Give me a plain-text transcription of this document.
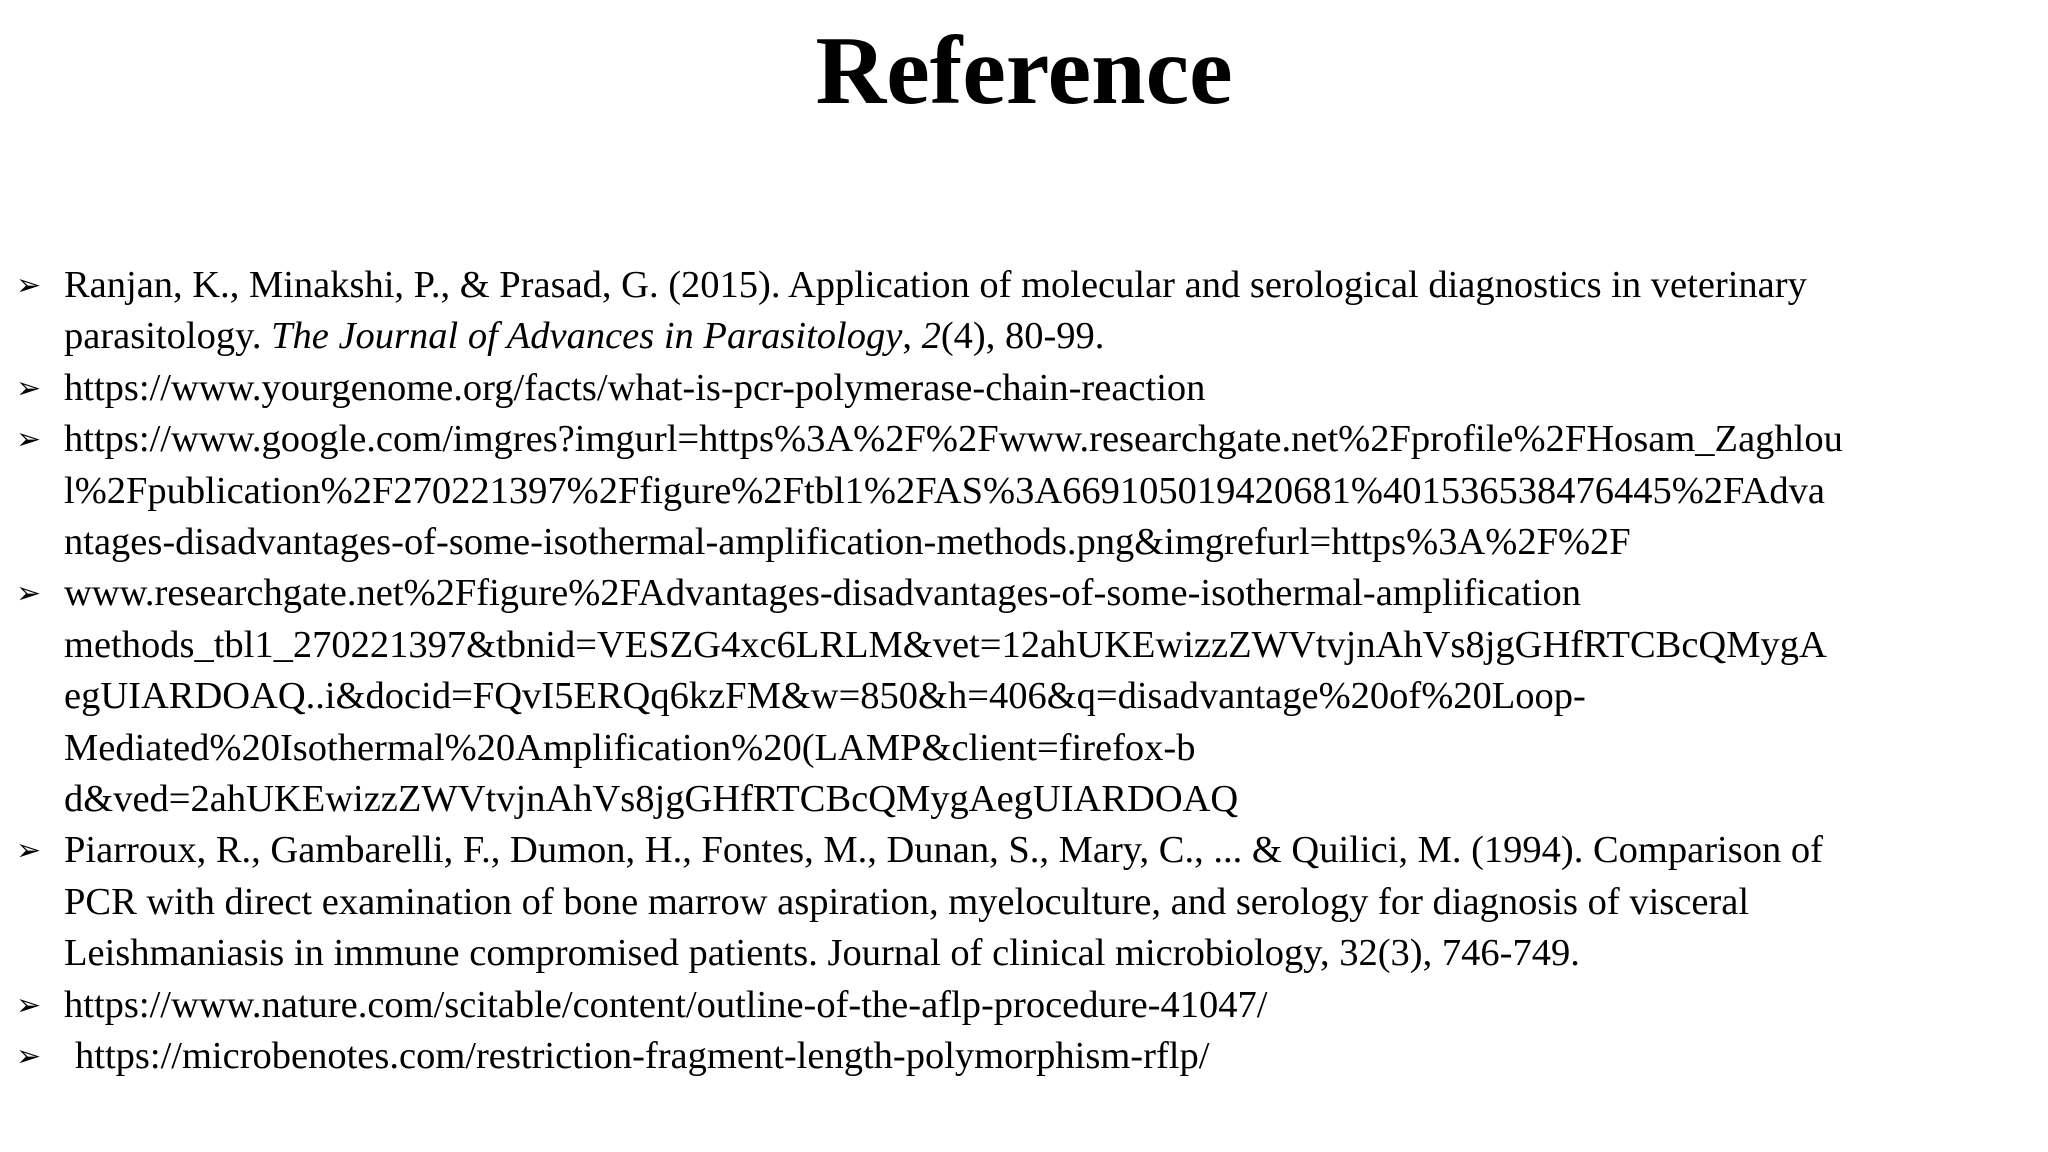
Reference
➢ Ranjan, K., Minakshi, P., & Prasad, G. (2015). Application of molecular and serological diagnostics in veterinary
parasitology. The Journal of Advances in Parasitology, 2(4), 80-99.
➢ https://www.yourgenome.org/facts/what-is-pcr-polymerase-chain-reaction
➢ https://www.google.com/imgres?imgurl=https%3A%2F%2Fwww.researchgate.net%2Fprofile%2FHosam_Zaghlou
l%2Fpublication%2F270221397%2Ffigure%2Ftbl1%2FAS%3A669105019420681%401536538476445%2FAdva
ntages-disadvantages-of-some-isothermal-amplification-methods.png&imgrefurl=https%3A%2F%2F
➢ www.researchgate.net%2Ffigure%2FAdvantages-disadvantages-of-some-isothermal-amplification
methods_tbl1_270221397&tbnid=VESZG4xc6LRLM&vet=12ahUKEwizzZWVtvjnAhVs8jgGHfRTCBcQMygA
egUIARDOAQ..i&docid=FQvI5ERQq6kzFM&w=850&h=406&q=disadvantage%20of%20Loop-
Mediated%20Isothermal%20Amplification%20(LAMP&client=firefox-b
d&ved=2ahUKEwizzZWVtvjnAhVs8jgGHfRTCBcQMygAegUIARDOAQ
➢ Piarroux, R., Gambarelli, F., Dumon, H., Fontes, M., Dunan, S., Mary, C., ... & Quilici, M. (1994). Comparison of
PCR with direct examination of bone marrow aspiration, myeloculture, and serology for diagnosis of visceral
Leishmaniasis in immune compromised patients. Journal of clinical microbiology, 32(3), 746-749.
➢ https://www.nature.com/scitable/content/outline-of-the-aflp-procedure-41047/
➢ https://microbenotes.com/restriction-fragment-length-polymorphism-rflp/
